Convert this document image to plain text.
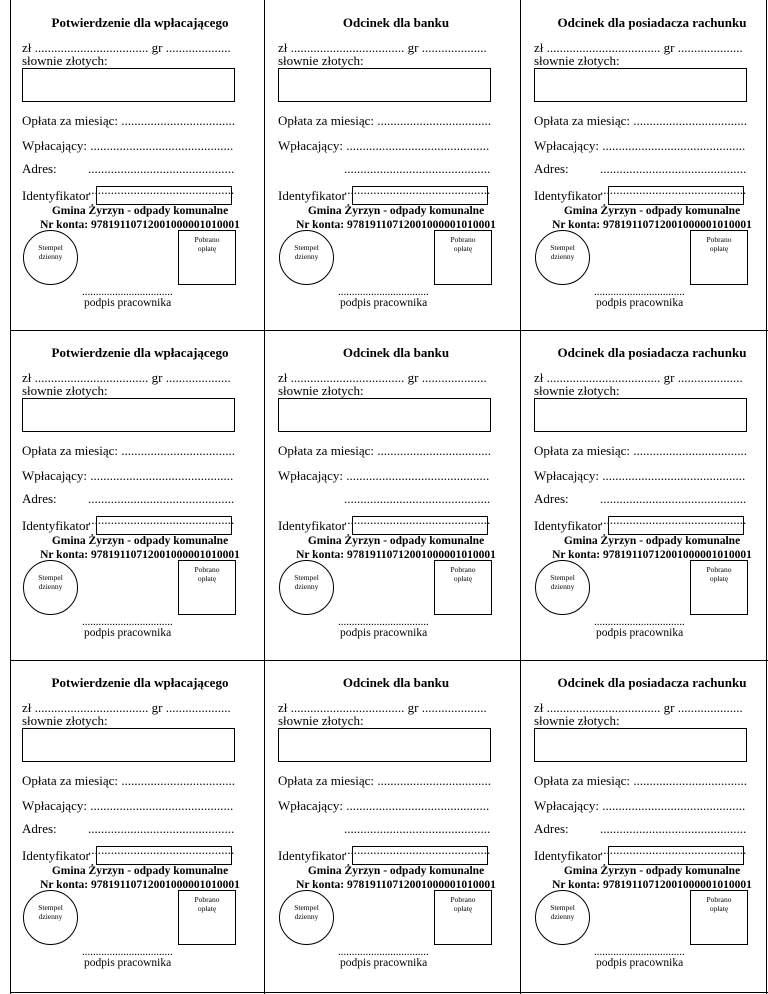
Potwierdzenie dla wpłacającego
zł ................................... gr ....................
słownie złotych:
Opłata za miesiąc: ...................................
Wpłacający: ............................................
Adres: .............................................
.............................................
Identyfikator
Gmina Żyrzyn - odpady komunalne
Nr konta: 97819110712001000001010001
Stempel
dzienny
Pobrano
opłatę
.................................
podpis pracownika
Odcinek dla banku
zł ................................... gr ....................
słownie złotych:
Opłata za miesiąc: ...................................
Wpłacający: ............................................
.............................................
.............................................
Identyfikator
Gmina Żyrzyn - odpady komunalne
Nr konta: 97819110712001000001010001
Stempel
dzienny
Pobrano
opłatę
.................................
podpis pracownika
Odcinek dla posiadacza rachunku
zł ................................... gr ....................
słownie złotych:
Opłata za miesiąc: ...................................
Wpłacający: ............................................
Adres: .............................................
.............................................
Identyfikator
Gmina Żyrzyn - odpady komunalne
Nr konta: 97819110712001000001010001
Stempel
dzienny
Pobrano
opłatę
.................................
podpis pracownika
Potwierdzenie dla wpłacającego
zł ................................... gr ....................
słownie złotych:
Opłata za miesiąc: ...................................
Wpłacający: ............................................
Adres: .............................................
.............................................
Identyfikator
Gmina Żyrzyn - odpady komunalne
Nr konta: 97819110712001000001010001
Stempel
dzienny
Pobrano
opłatę
.................................
podpis pracownika
Odcinek dla banku
zł ................................... gr ....................
słownie złotych:
Opłata za miesiąc: ...................................
Wpłacający: ............................................
.............................................
.............................................
Identyfikator
Gmina Żyrzyn - odpady komunalne
Nr konta: 97819110712001000001010001
Stempel
dzienny
Pobrano
opłatę
.................................
podpis pracownika
Odcinek dla posiadacza rachunku
zł ................................... gr ....................
słownie złotych:
Opłata za miesiąc: ...................................
Wpłacający: ............................................
Adres: .............................................
.............................................
Identyfikator
Gmina Żyrzyn - odpady komunalne
Nr konta: 97819110712001000001010001
Stempel
dzienny
Pobrano
opłatę
.................................
podpis pracownika
Potwierdzenie dla wpłacającego
zł ................................... gr ....................
słownie złotych:
Opłata za miesiąc: ...................................
Wpłacający: ............................................
Adres: .............................................
.............................................
Identyfikator
Gmina Żyrzyn - odpady komunalne
Nr konta: 97819110712001000001010001
Stempel
dzienny
Pobrano
opłatę
.................................
podpis pracownika
Odcinek dla banku
zł ................................... gr ....................
słownie złotych:
Opłata za miesiąc: ...................................
Wpłacający: ............................................
.............................................
.............................................
Identyfikator
Gmina Żyrzyn - odpady komunalne
Nr konta: 97819110712001000001010001
Stempel
dzienny
Pobrano
opłatę
.................................
podpis pracownika
Odcinek dla posiadacza rachunku
zł ................................... gr ....................
słownie złotych:
Opłata za miesiąc: ...................................
Wpłacający: ............................................
Adres: .............................................
.............................................
Identyfikator
Gmina Żyrzyn - odpady komunalne
Nr konta: 97819110712001000001010001
Stempel
dzienny
Pobrano
opłatę
.................................
podpis pracownika
